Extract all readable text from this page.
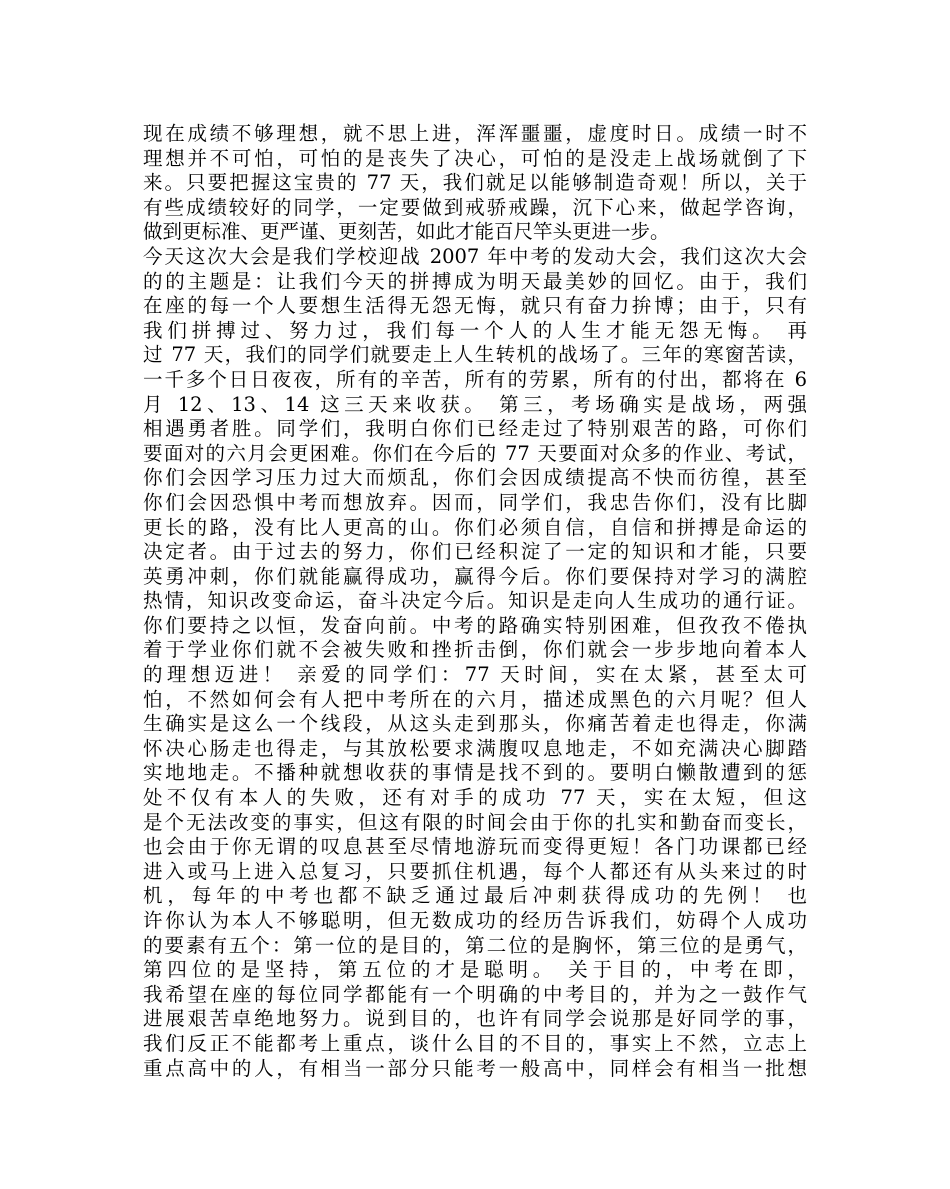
现在成绩不够理想，就不思上进，浑浑噩噩，虚度时日。成绩一时不
理想并不可怕，可怕的是丧失了决心，可怕的是没走上战场就倒了下
来。只要把握这宝贵的 77 天，我们就足以能够制造奇观！所以，关于
有些成绩较好的同学，一定要做到戒骄戒躁，沉下心来，做起学咨询，
做到更标准、更严谨、更刻苦，如此才能百尺竿头更进一步。
今天这次大会是我们学校迎战 2007 年中考的发动大会，我们这次大会
的的主题是：让我们今天的拼搏成为明天最美妙的回忆。由于，我们
在座的每一个人要想生活得无怨无悔，就只有奋力拚博；由于，只有
我们拼搏过、努力过，我们每一个人的人生才能无怨无悔。 再
过 77 天，我们的同学们就要走上人生转机的战场了。三年的寒窗苦读，
一千多个日日夜夜，所有的辛苦，所有的劳累，所有的付出，都将在 6
月 12、13、14 这三天来收获。 第三，考场确实是战场，两强
相遇勇者胜。同学们，我明白你们已经走过了特别艰苦的路，可你们
要面对的六月会更困难。你们在今后的 77 天要面对众多的作业、考试，
你们会因学习压力过大而烦乱，你们会因成绩提高不快而彷徨，甚至
你们会因恐惧中考而想放弃。因而，同学们，我忠告你们，没有比脚
更长的路，没有比人更高的山。你们必须自信，自信和拼搏是命运的
决定者。由于过去的努力，你们已经积淀了一定的知识和才能，只要
英勇冲刺，你们就能赢得成功，赢得今后。你们要保持对学习的满腔
热情，知识改变命运，奋斗决定今后。知识是走向人生成功的通行证。
你们要持之以恒，发奋向前。中考的路确实特别困难，但孜孜不倦执
着于学业你们就不会被失败和挫折击倒，你们就会一步步地向着本人
的理想迈进！ 亲爱的同学们：77 天时间，实在太紧，甚至太可
怕，不然如何会有人把中考所在的六月，描述成黑色的六月呢？但人
生确实是这么一个线段，从这头走到那头，你痛苦着走也得走，你满
怀决心肠走也得走，与其放松要求满腹叹息地走，不如充满决心脚踏
实地地走。不播种就想收获的事情是找不到的。要明白懒散遭到的惩
处不仅有本人的失败，还有对手的成功 77 天，实在太短，但这
是个无法改变的事实，但这有限的时间会由于你的扎实和勤奋而变长，
也会由于你无谓的叹息甚至尽情地游玩而变得更短！各门功课都已经
进入或马上进入总复习，只要抓住机遇，每个人都还有从头来过的时
机，每年的中考也都不缺乏通过最后冲刺获得成功的先例！ 也
许你认为本人不够聪明，但无数成功的经历告诉我们，妨碍个人成功
的要素有五个：第一位的是目的，第二位的是胸怀，第三位的是勇气，
第四位的是坚持，第五位的才是聪明。 关于目的，中考在即，
我希望在座的每位同学都能有一个明确的中考目的，并为之一鼓作气
进展艰苦卓绝地努力。说到目的，也许有同学会说那是好同学的事，
我们反正不能都考上重点，谈什么目的不目的，事实上不然，立志上
重点高中的人，有相当一部分只能考一般高中，同样会有相当一批想
